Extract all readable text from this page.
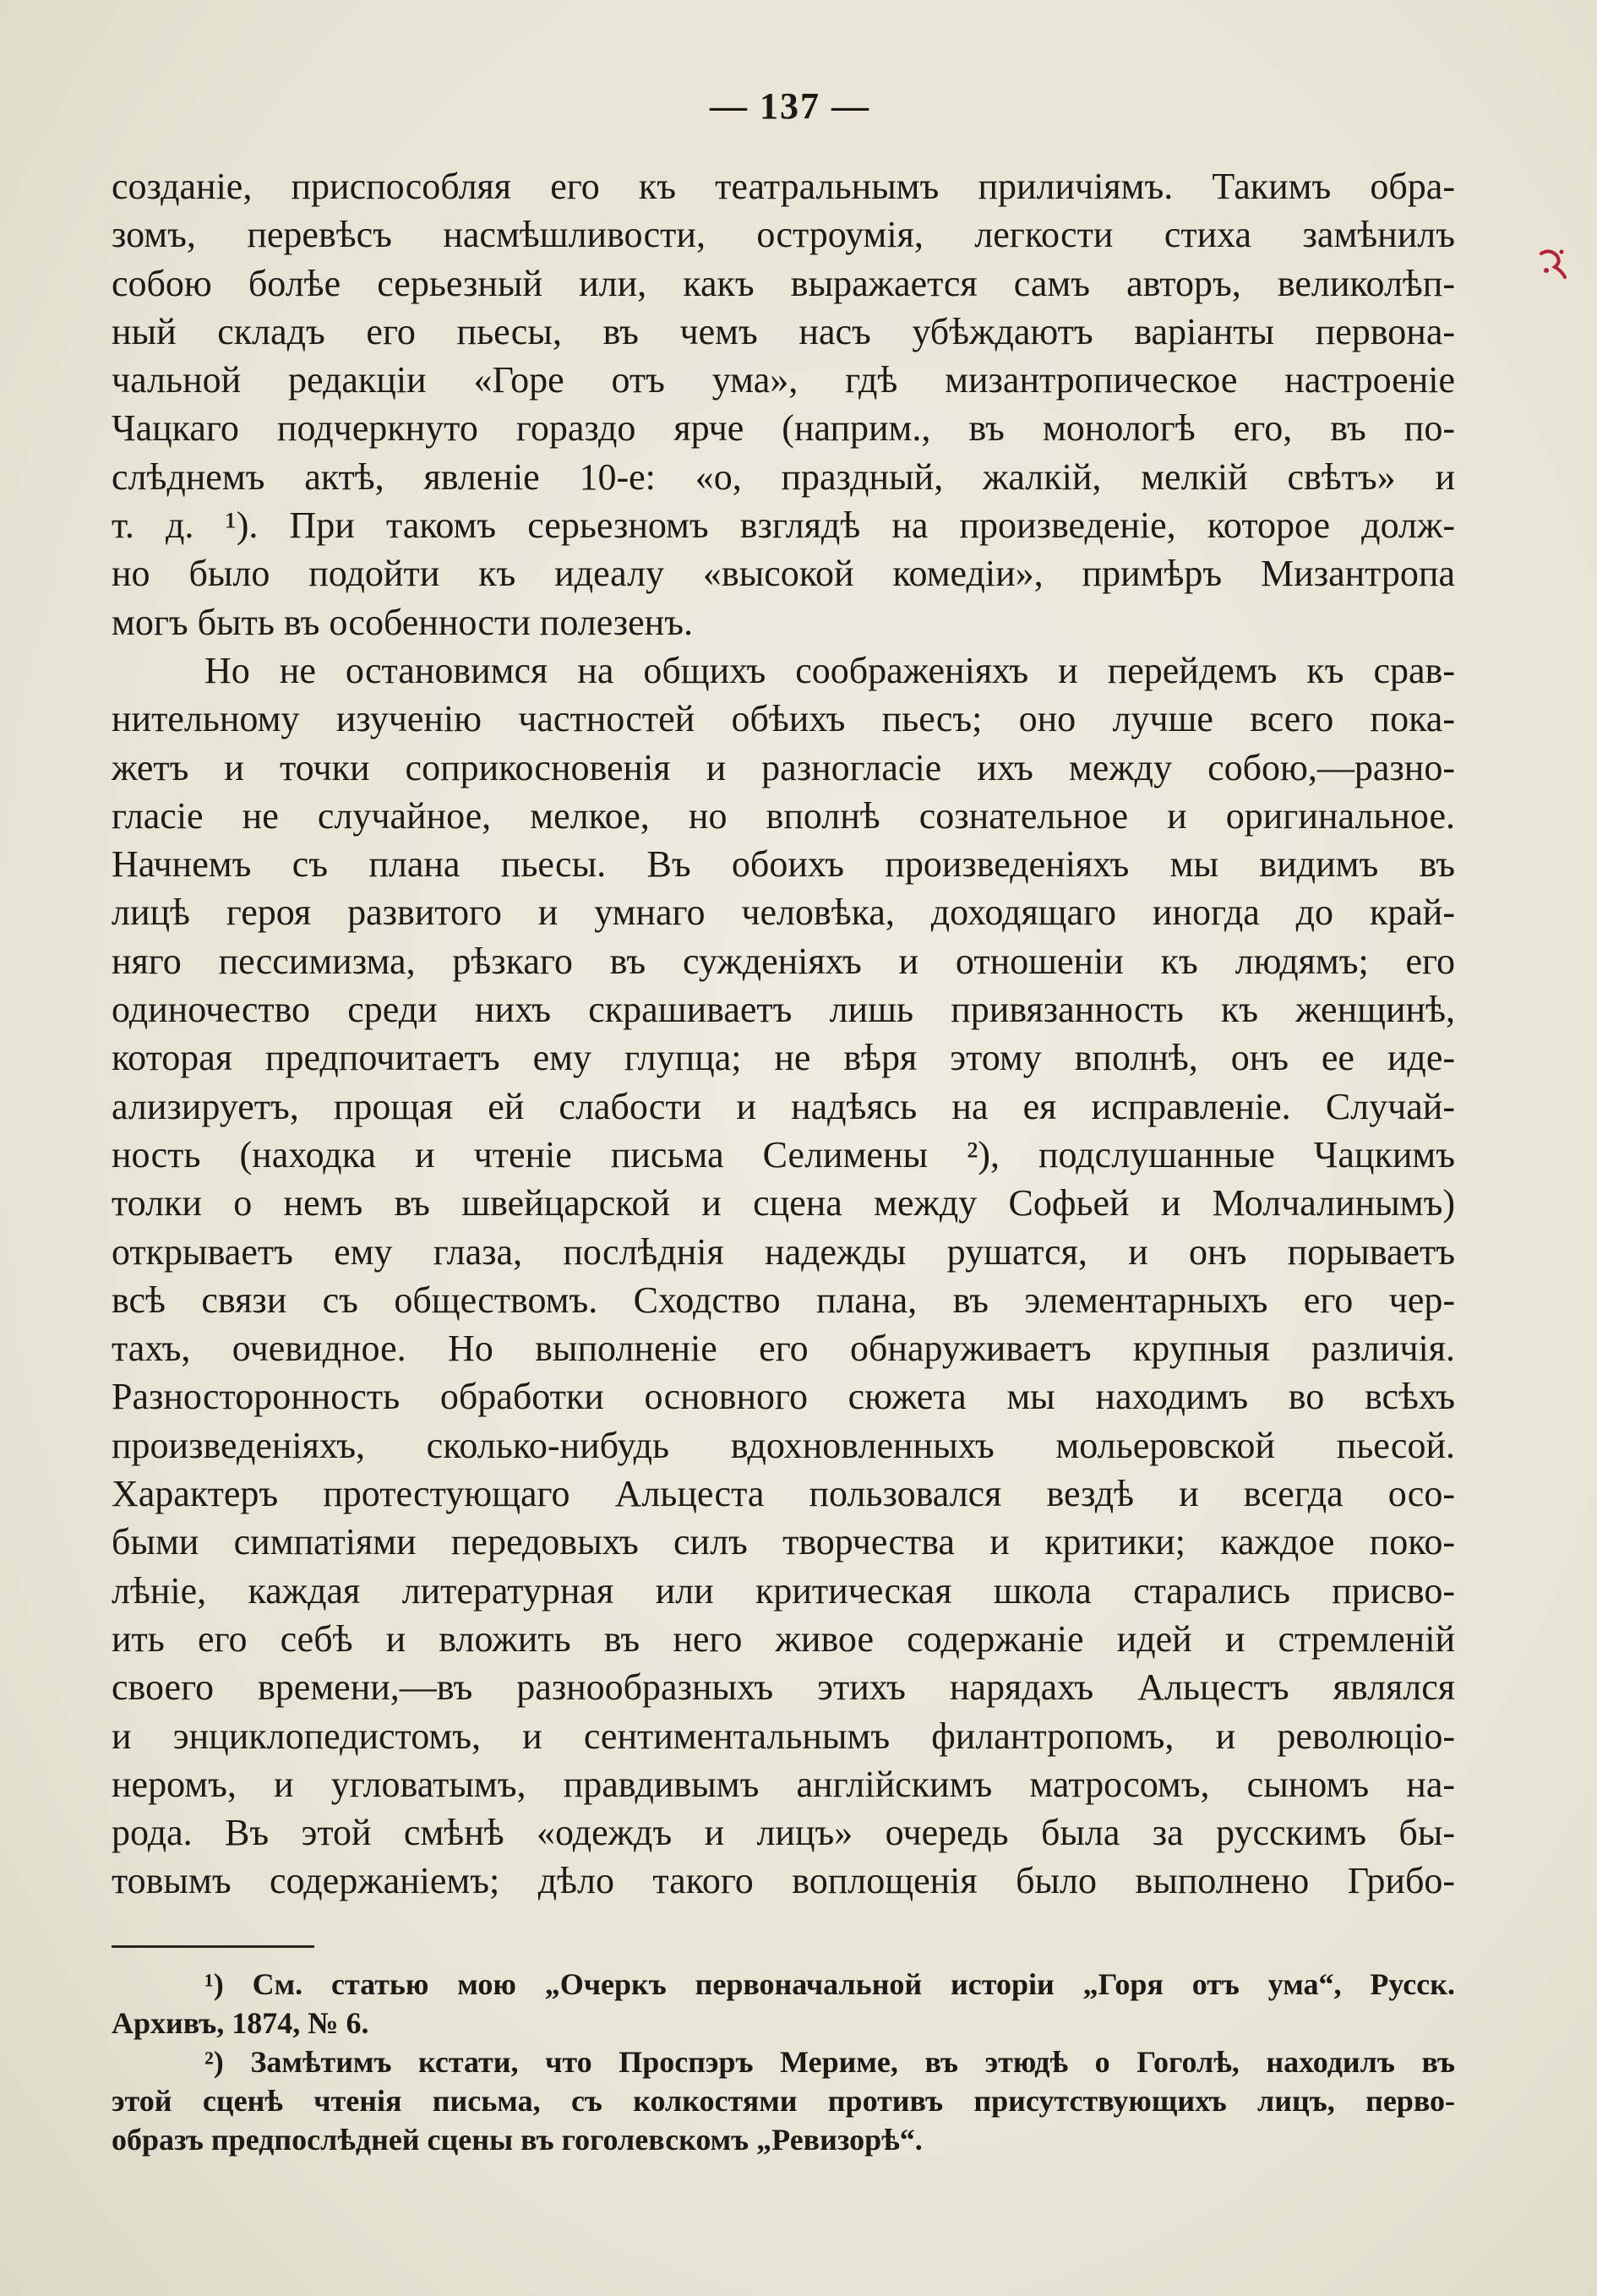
— 137 —
созданіе, приспособляя его къ театральнымъ приличіямъ. Такимъ обра-
зомъ, перевѣсъ насмѣшливости, остроумія, легкости стиха замѣнилъ
собою болѣе серьезный или, какъ выражается самъ авторъ, великолѣп-
ный складъ его пьесы, въ чемъ насъ убѣждаютъ варіанты первона-
чальной редакціи «Горе отъ ума», гдѣ мизантропическое настроеніе
Чацкаго подчеркнуто гораздо ярче (наприм., въ монологѣ его, въ по-
слѣднемъ актѣ, явленіе 10-е: «о, праздный, жалкій, мелкій свѣтъ» и
т. д. ¹). При такомъ серьезномъ взглядѣ на произведеніе, которое долж-
но было подойти къ идеалу «высокой комедіи», примѣръ Мизантропа
могъ быть въ особенности полезенъ.
Но не остановимся на общихъ соображеніяхъ и перейдемъ къ срав-
нительному изученію частностей обѣихъ пьесъ; оно лучше всего пока-
жетъ и точки соприкосновенія и разногласіе ихъ между собою,—разно-
гласіе не случайное, мелкое, но вполнѣ сознательное и оригинальное.
Начнемъ съ плана пьесы. Въ обоихъ произведеніяхъ мы видимъ въ
лицѣ героя развитого и умнаго человѣка, доходящаго иногда до край-
няго пессимизма, рѣзкаго въ сужденіяхъ и отношеніи къ людямъ; его
одиночество среди нихъ скрашиваетъ лишь привязанность къ женщинѣ,
которая предпочитаетъ ему глупца; не вѣря этому вполнѣ, онъ ее иде-
ализируетъ, прощая ей слабости и надѣясь на ея исправленіе. Случай-
ность (находка и чтеніе письма Селимены ²), подслушанные Чацкимъ
толки о немъ въ швейцарской и сцена между Софьей и Молчалинымъ)
открываетъ ему глаза, послѣднія надежды рушатся, и онъ порываетъ
всѣ связи съ обществомъ. Сходство плана, въ элементарныхъ его чер-
тахъ, очевидное. Но выполненіе его обнаруживаетъ крупныя различія.
Разносторонность обработки основного сюжета мы находимъ во всѣхъ
произведеніяхъ, сколько-нибудь вдохновленныхъ мольеровской пьесой.
Характеръ протестующаго Альцеста пользовался вездѣ и всегда осо-
быми симпатіями передовыхъ силъ творчества и критики; каждое поко-
лѣніе, каждая литературная или критическая школа старались присво-
ить его себѣ и вложить въ него живое содержаніе идей и стремленій
своего времени,—въ разнообразныхъ этихъ нарядахъ Альцестъ являлся
и энциклопедистомъ, и сентиментальнымъ филантропомъ, и революціо-
неромъ, и угловатымъ, правдивымъ англійскимъ матросомъ, сыномъ на-
рода. Въ этой смѣнѣ «одеждъ и лицъ» очередь была за русскимъ бы-
товымъ содержаніемъ; дѣло такого воплощенія было выполнено Грибо-
¹) См. статью мою „Очеркъ первоначальной исторіи „Горя отъ ума“, Русск.
Архивъ, 1874, № 6.
²) Замѣтимъ кстати, что Проспэръ Мериме, въ этюдѣ о Гоголѣ, находилъ въ
этой сценѣ чтенія письма, съ колкостями противъ присутствующихъ лицъ, перво-
образъ предпослѣдней сцены въ гоголевскомъ „Ревизорѣ“.
